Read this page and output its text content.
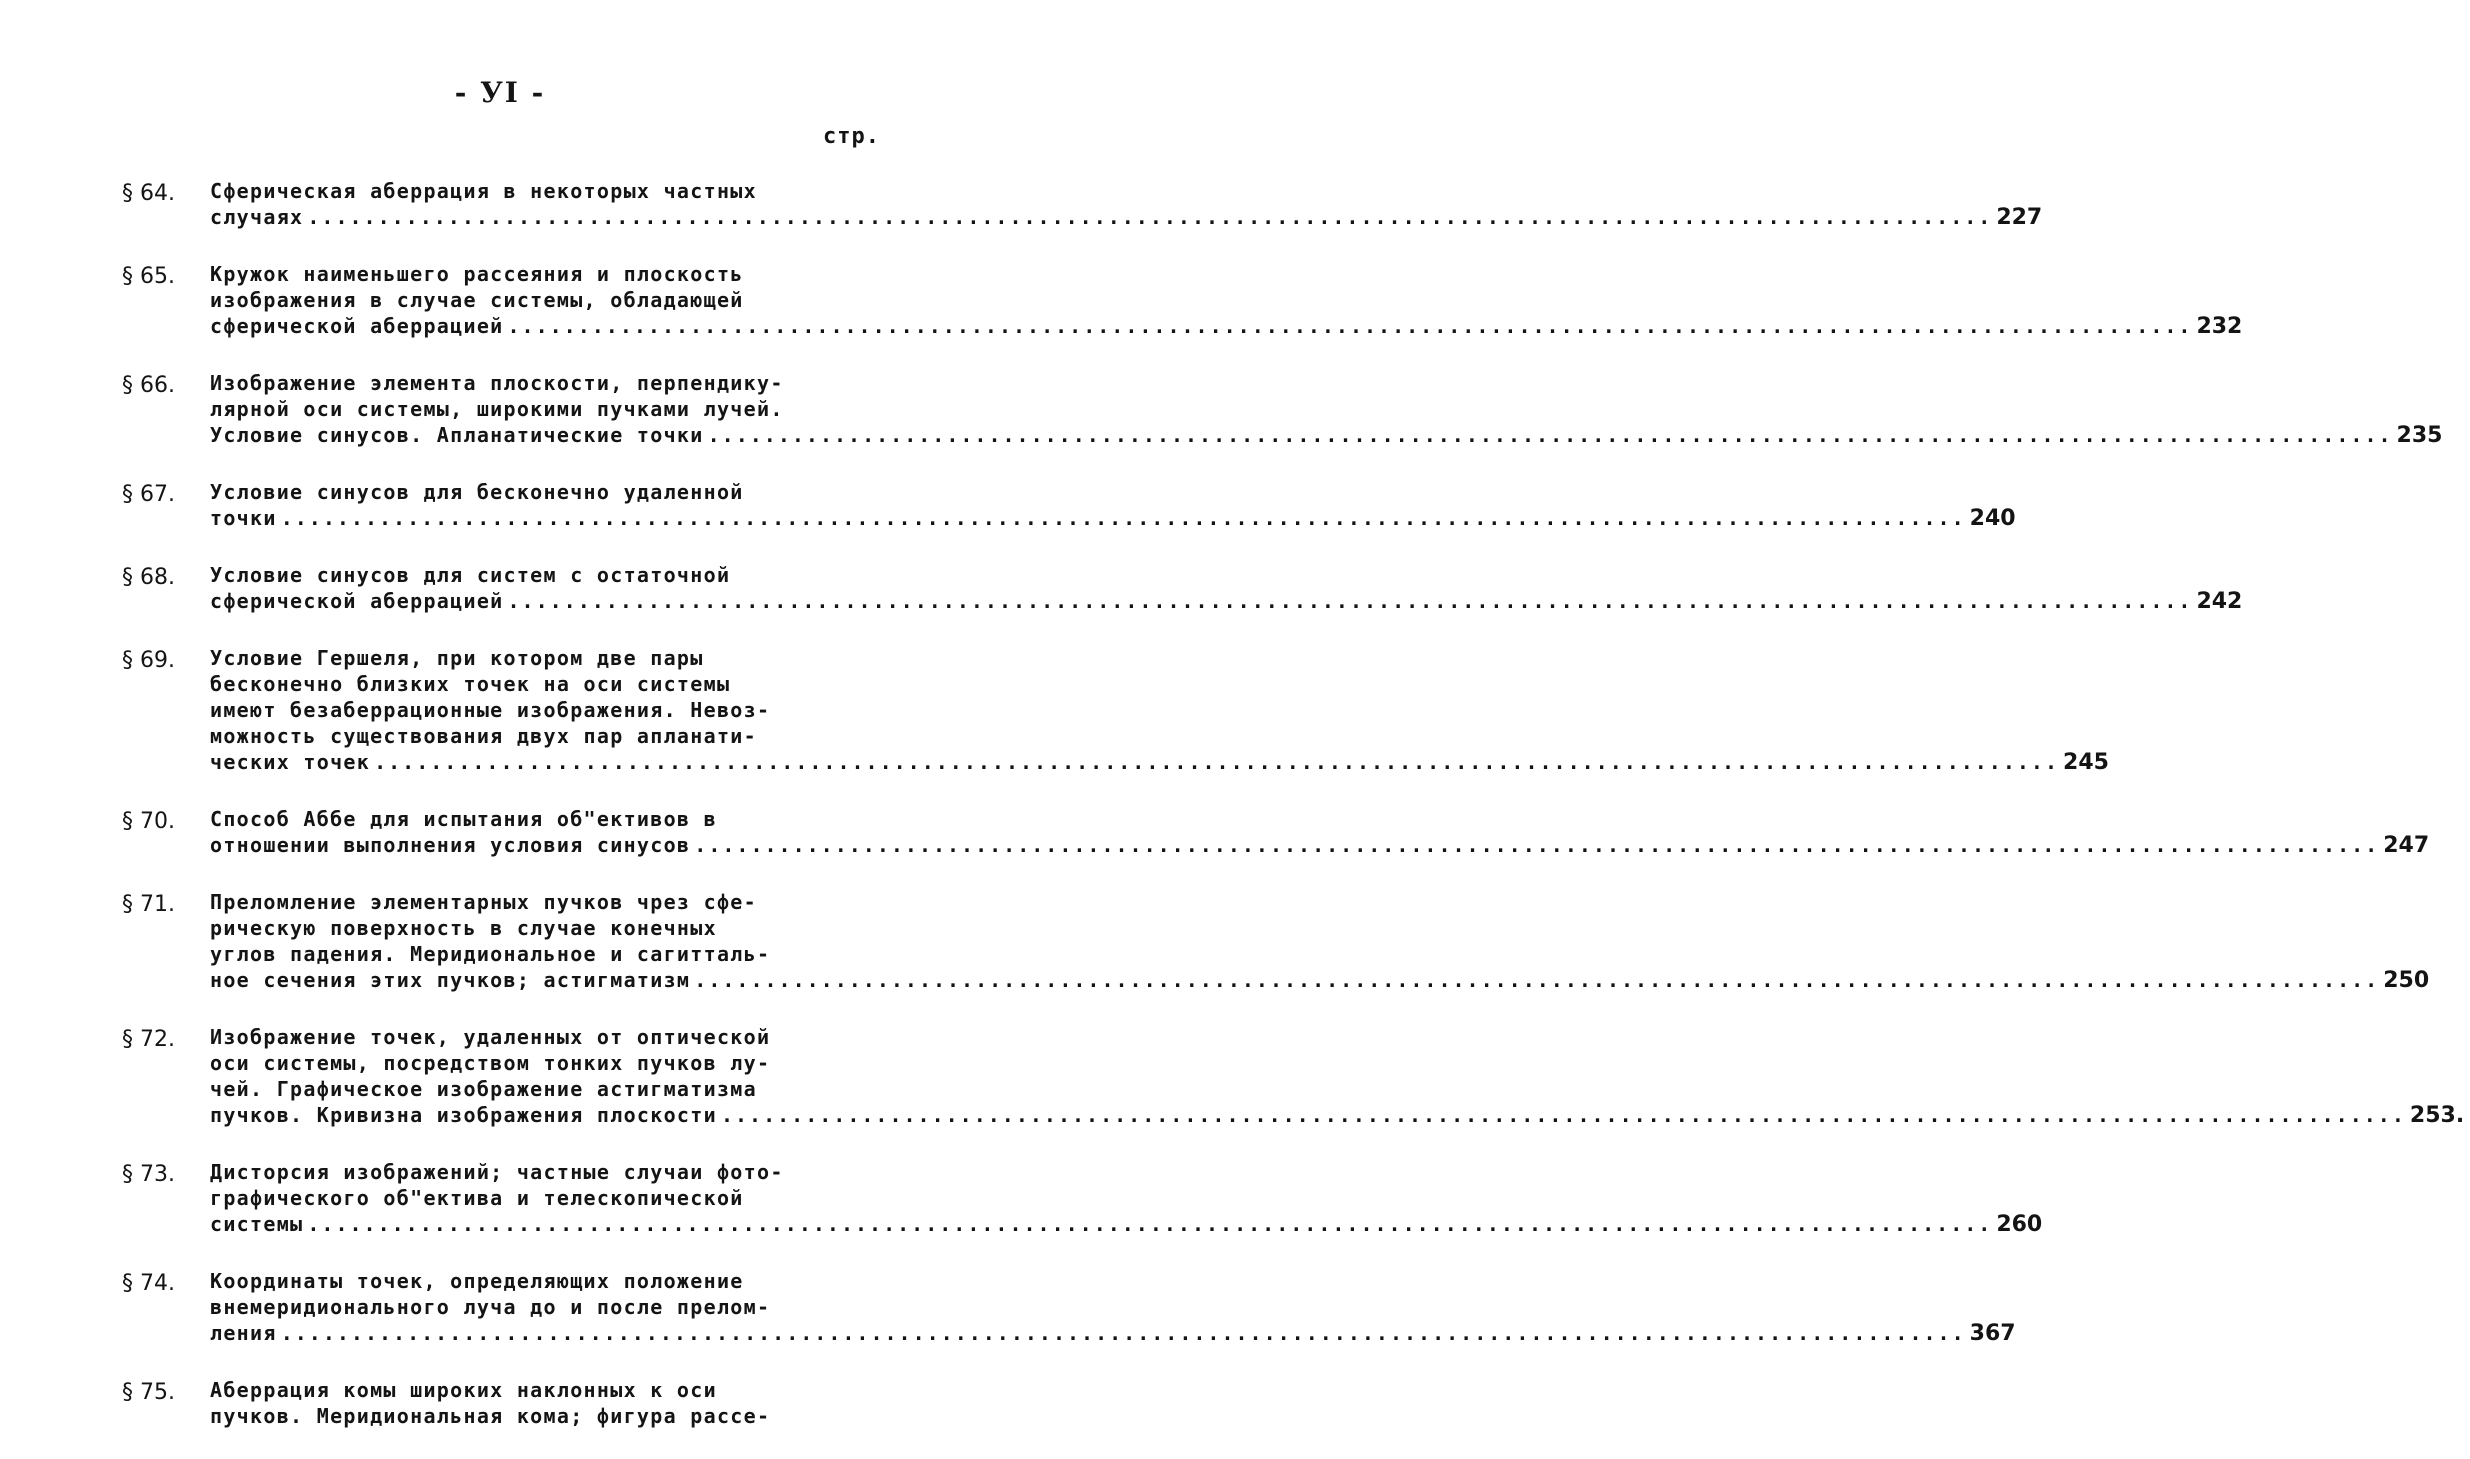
- УI -
стр.
§ 64.	Сферическая аберрация в некоторых частных
случаях ........................................................................................................................ 227
§ 65.	Кружок наименьшего рассеяния и плоскость
изображения в случае системы, обладающей
сферической аберрацией ........................................................................................................................ 232
§ 66.	Изображение элемента плоскости, перпендику-
лярной оси системы, широкими пучками лучей.
Условие синусов. Апланатические точки ........................................................................................................................ 235
§ 67.	Условие синусов для бесконечно удаленной
точки ........................................................................................................................ 240
§ 68.	Условие синусов для систем с остаточной
сферической аберрацией ........................................................................................................................ 242
§ 69.	Условие Гершеля, при котором две пары
бесконечно близких точек на оси системы
имеют безаберрационные изображения. Невоз-
можность существования двух пар апланати-
ческих точек ........................................................................................................................ 245
§ 70.	Способ Аббе для испытания об"ективов в
отношении выполнения условия синусов ........................................................................................................................ 247
§ 71.	Преломление элементарных пучков чрез сфе-
рическую поверхность в случае конечных
углов падения. Меридиональное и сагитталь-
ное сечения этих пучков; астигматизм ........................................................................................................................ 250
§ 72.	Изображение точек, удаленных от оптической
оси системы, посредством тонких пучков лу-
чей. Графическое изображение астигматизма
пучков. Кривизна изображения плоскости ........................................................................................................................ 253.
§ 73.	Дисторсия изображений; частные случаи фото-
графического об"ектива и телескопической
системы ........................................................................................................................ 260
§ 74.	Координаты точек, определяющих положение
внемеридионального луча до и после прелом-
ления ........................................................................................................................ 367
§ 75.	Аберрация комы широких наклонных к оси
пучков. Меридиональная кома; фигура рассе-
